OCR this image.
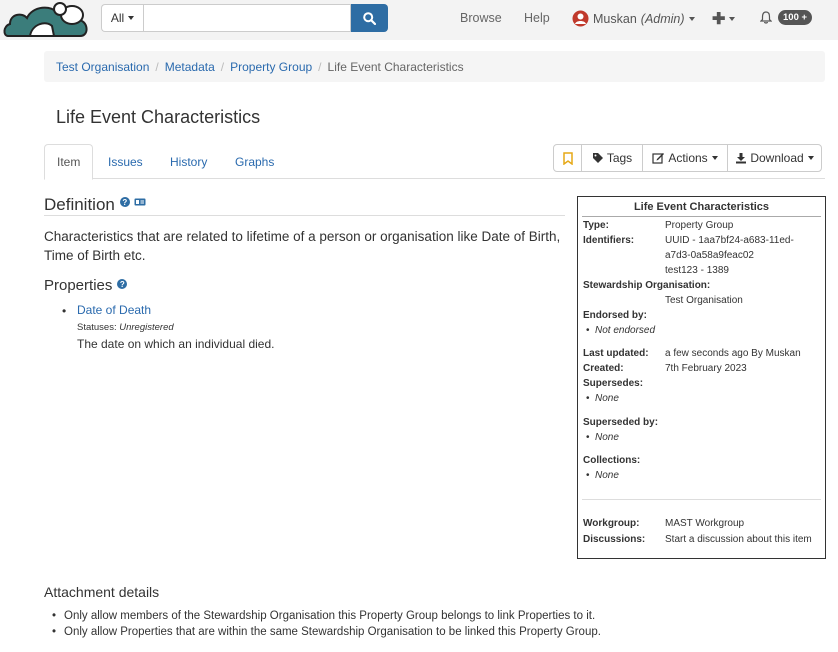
All	Browse Help	Muskan (Admin) ✚	100 +
Test Organisation / Metadata / Property Group / Life Event Characteristics
Life Event Characteristics
Item	Issues	History	Graphs	Tags	Actions	Download
Definition ?

Characteristics that are related to lifetime of a person or organisation like Date of Birth, Time of Birth etc.

Properties ?
• Date of Death
Statuses: Unregistered
The date on which an individual died.
Life Event Characteristics
Type:	Property Group
Identifiers:	UUID - 1aa7bf24-a683-11ed-
a7d3-0a58a9feac02
test123 - 1389
Stewardship Organisation:
Test Organisation
Endorsed by:
• Not endorsed
Last updated: a few seconds ago By Muskan
Created:	7th February 2023
Supersedes:
• None
Superseded by:
• None
Collections:
• None
Workgroup:	MAST Workgroup
Discussions: Start a discussion about this item
Attachment details
• Only allow members of the Stewardship Organisation this Property Group belongs to link Properties to it.
• Only allow Properties that are within the same Stewardship Organisation to be linked this Property Group.
